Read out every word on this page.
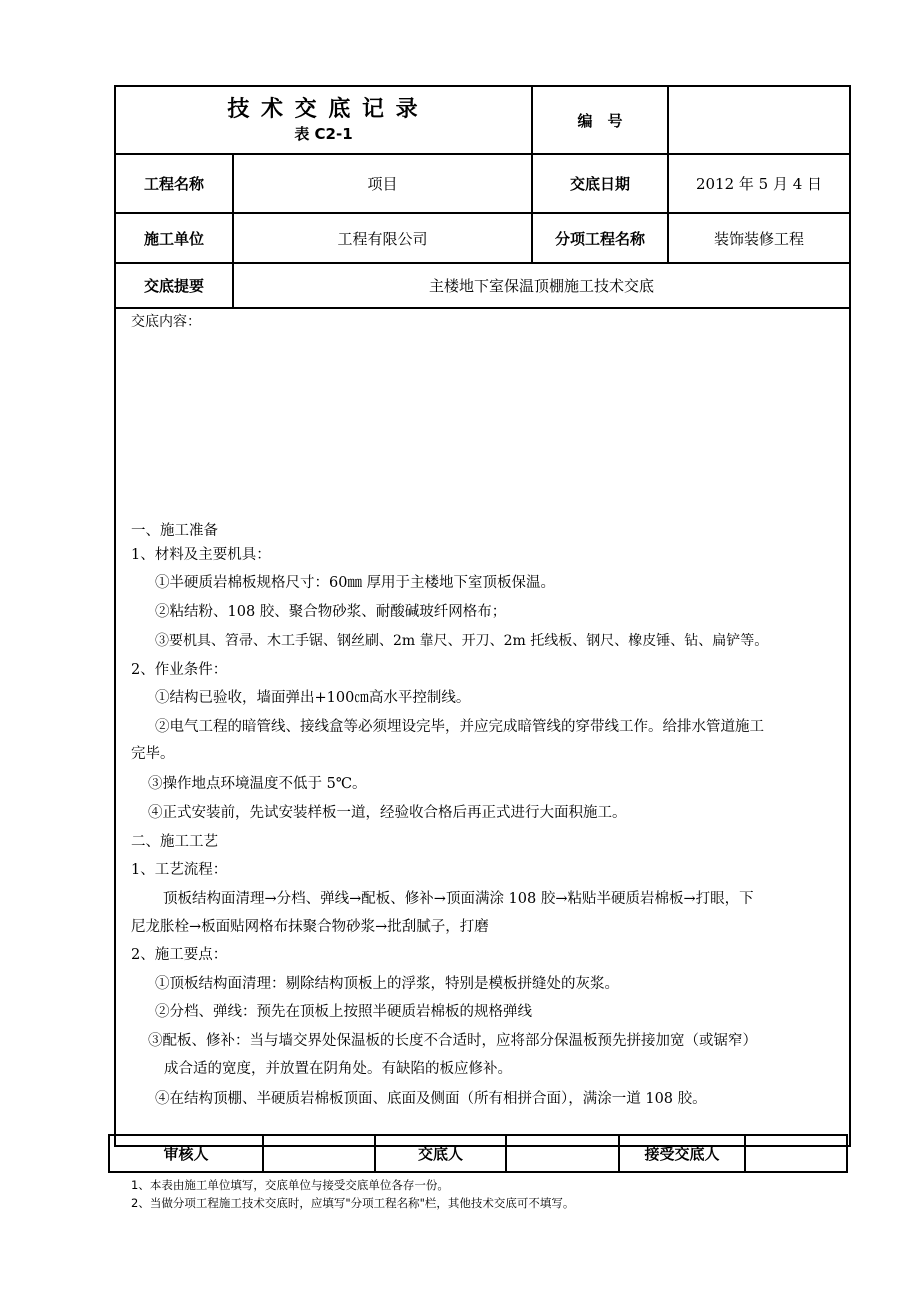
技 术 交 底 记 录
表 C2-1
编　号
工程名称	项目	交底日期	2012 年 5 月 4 日
施工单位	工程有限公司	分项工程名称	装饰装修工程
交底提要	主楼地下室保温顶棚施工技术交底
交底内容：
一、施工准备
1、材料及主要机具：
①半硬质岩棉板规格尺寸：60㎜ 厚用于主楼地下室顶板保温。
②粘结粉、108 胶、聚合物砂浆、耐酸碱玻纤网格布；
③要机具、笤帚、木工手锯、钢丝刷、2m 靠尺、开刀、2m 托线板、钢尺、橡皮锤、钻、扁铲等。
2、作业条件：
①结构已验收，墙面弹出+100㎝高水平控制线。
②电气工程的暗管线、接线盒等必须埋设完毕，并应完成暗管线的穿带线工作。给排水管道施工
完毕。
③操作地点环境温度不低于 5℃。
④正式安装前，先试安装样板一道，经验收合格后再正式进行大面积施工。
二、施工工艺
1、工艺流程：
顶板结构面清理→分档、弹线→配板、修补→顶面满涂 108 胶→粘贴半硬质岩棉板→打眼，下
尼龙胀栓→板面贴网格布抹聚合物砂浆→批刮腻子，打磨
2、施工要点：
①顶板结构面清理：剔除结构顶板上的浮浆，特别是模板拼缝处的灰浆。
②分档、弹线：预先在顶板上按照半硬质岩棉板的规格弹线
③配板、修补：当与墙交界处保温板的长度不合适时，应将部分保温板预先拼接加宽（或锯窄）
成合适的宽度，并放置在阴角处。有缺陷的板应修补。
④在结构顶棚、半硬质岩棉板顶面、底面及侧面（所有相拼合面），满涂一道 108 胶。
审核人	交底人	接受交底人
1、本表由施工单位填写，交底单位与接受交底单位各存一份。
2、当做分项工程施工技术交底时，应填写"分项工程名称"栏，其他技术交底可不填写。
